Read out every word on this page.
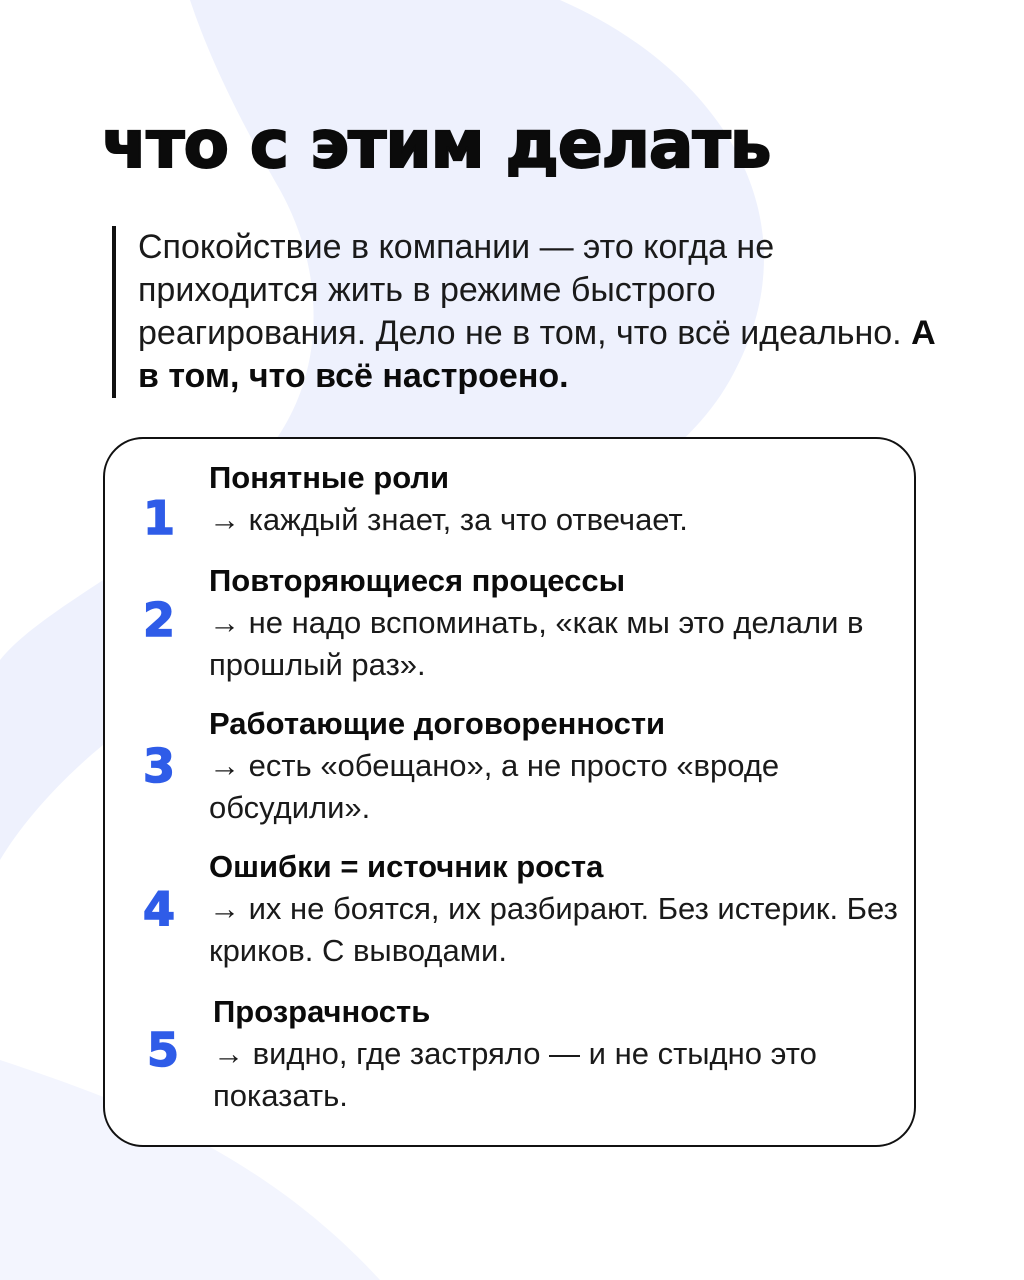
что с этим делать
Спокойствие в компании — это когда не приходится жить в режиме быстрого реагирования. Дело не в том, что всё идеально. А в том, что всё настроено.
1
Понятные роли
→ каждый знает, за что отвечает.
2
Повторяющиеся процессы
→ не надо вспоминать, «как мы это делали в прошлый раз».
3
Работающие договоренности
→ есть «обещано», а не просто «вроде обсудили».
4
Ошибки = источник роста
→ их не боятся, их разбирают. Без истерик. Без криков. С выводами.
5
Прозрачность
→ видно, где застряло — и не стыдно это показать.
